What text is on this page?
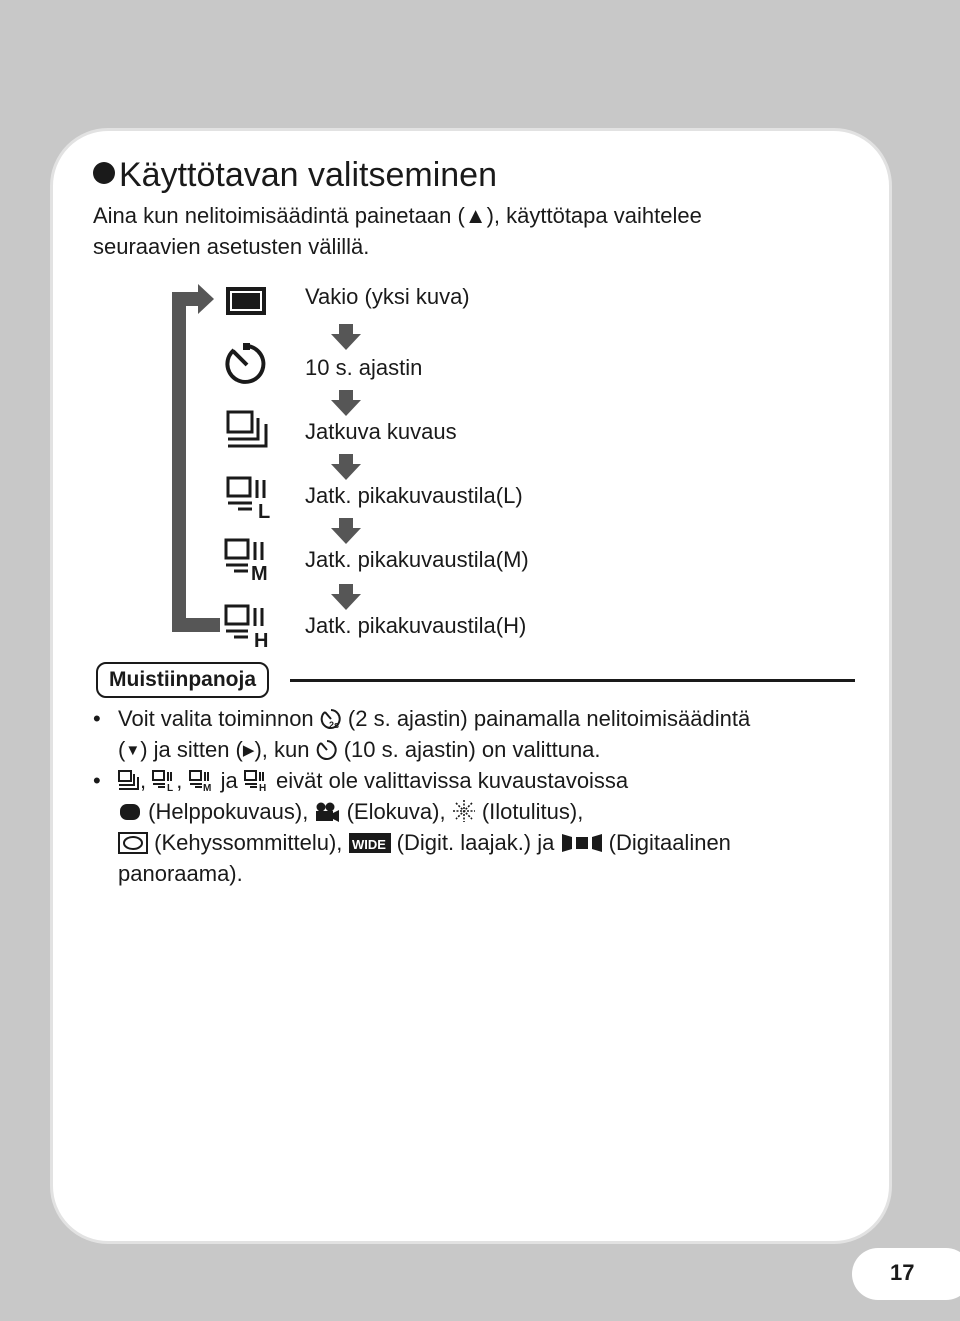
Käyttötavan valitseminen

Aina kun nelitoimisäädintä painetaan (▲), käyttötapa vaihtelee
seuraavien asetusten välillä.

L
M
H
Vakio (yksi kuva)
10 s. ajastin
Jatkuva kuvaus
Jatk. pikakuvaustila(L)
Jatk. pikakuvaustila(M)
Jatk. pikakuvaustila(H)
Muistiinpanoja
• Voit valita toiminnon 2s (2 s. ajastin) painamalla nelitoimisäädintä
(▼) ja sitten (▶), kun (10 s. ajastin) on valittuna.
•	, L , M ja H eivät ole valittavissa kuvaustavoissa
(Helppokuvaus), (Elokuva), (Ilotulitus),
(Kehyssommittelu), WIDE (Digit. laajak.) ja (Digitaalinen
panoraama).
17
